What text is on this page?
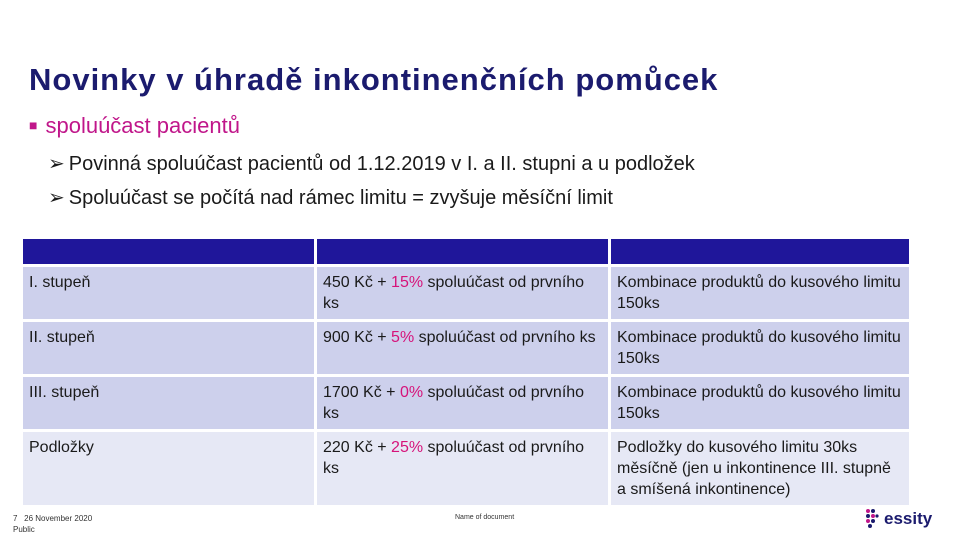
Novinky v úhradě inkontinenčních pomůcek
■ spoluúčast pacientů
➢ Povinná spoluúčast pacientů od 1.12.2019 v I. a II. stupni a u podložek
➢ Spoluúčast se počítá nad rámec limitu = zvyšuje měsíční limit

I. stupeň	450 Kč + 15% spoluúčast od prvního ks	Kombinace produktů do kusového limitu 150ks
II. stupeň	900 Kč + 5% spoluúčast od prvního ks	Kombinace produktů do kusového limitu 150ks
III. stupeň	1700 Kč + 0% spoluúčast od prvního ks	Kombinace produktů do kusového limitu 150ks
Podložky	220 Kč + 25% spoluúčast od prvního ks	Podložky do kusového limitu 30ks měsíčně (jen u inkontinence III. stupně a smíšená inkontinence)
7 26 November 2020
Public
Name of document	essity
